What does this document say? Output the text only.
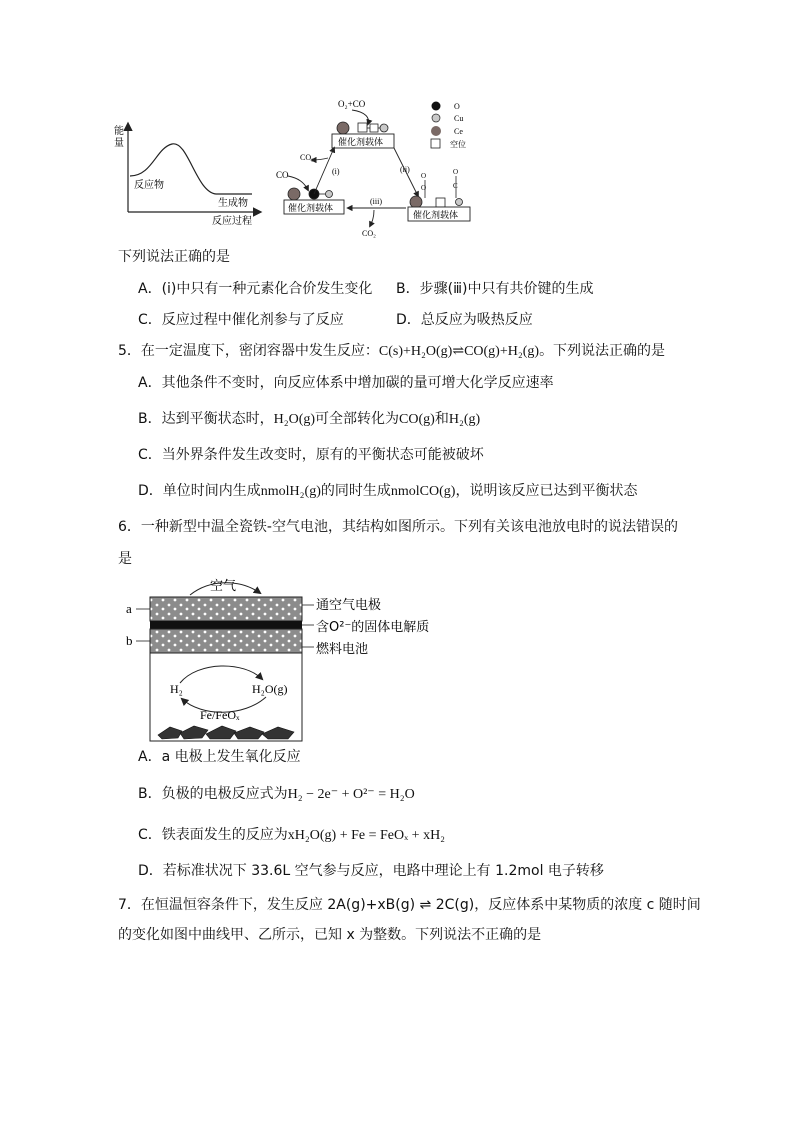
能
量
反应物
生成物
反应过程
O₂+CO
催化剂载体
CO
CO₂
催化剂载体
(i)	(ii)
O
O
O
C
催化剂载体
(iii)
CO₂
O
Cu
Ce
空位
下列说法正确的是
A．(ⅰ)中只有一种元素化合价发生变化 B．步骤(ⅲ)中只有共价键的生成
C．反应过程中催化剂参与了反应	D．总反应为吸热反应
5．在一定温度下，密闭容器中发生反应：C(s)+H₂O(g)⇌CO(g)+H₂(g)。下列说法正确的是
A．其他条件不变时，向反应体系中增加碳的量可增大化学反应速率
B．达到平衡状态时，H₂O(g)可全部转化为CO(g)和H₂(g)
C．当外界条件发生改变时，原有的平衡状态可能被破坏
D．单位时间内生成nmolH₂(g)的同时生成nmolCO(g)，说明该反应已达到平衡状态
6．一种新型中温全瓷铁-空气电池，其结构如图所示。下列有关该电池放电时的说法错误的
是
空气
a
b
通空气电极
含O²⁻的固体电解质
燃料电池
H₂	H₂O(g)
Fe/FeOₓ
A．a 电极上发生氧化反应
B．负极的电极反应式为H₂ − 2e⁻ + O²⁻ = H₂O
C．铁表面发生的反应为xH₂O(g) + Fe = FeOₓ + xH₂
D．若标准状况下 33.6L 空气参与反应，电路中理论上有 1.2mol 电子转移
7．在恒温恒容条件下，发生反应 2A(g)+xB(g) ⇌ 2C(g)，反应体系中某物质的浓度 c 随时间
的变化如图中曲线甲、乙所示，已知 x 为整数。下列说法不正确的是
